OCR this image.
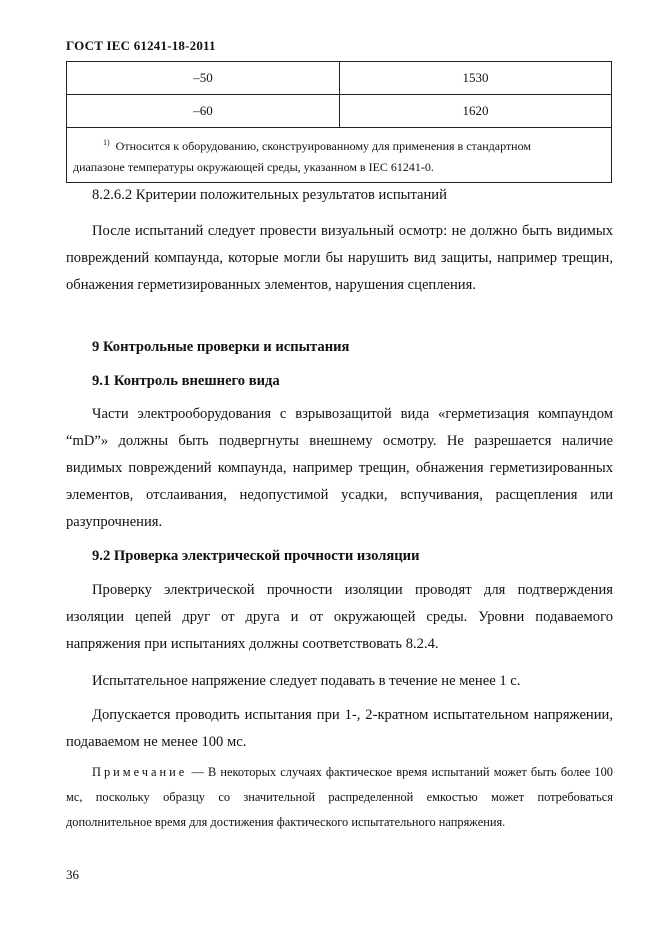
ГОСТ IEC 61241-18-2011
–50	1530
–60	1620
$^{1)}$ Относится к оборудованию, сконструированному для применения в стандартном
диапазоне температуры окружающей среды, указанном в IEC 61241-0.	
8.2.6.2 Критерии положительных результатов испытаний
После испытаний следует провести визуальный осмотр: не должно быть видимых повреждений компаунда, которые могли бы нарушить вид защиты, например трещин, обнажения герметизированных элементов, нарушения сцепления.
9 Контрольные проверки и испытания
9.1 Контроль внешнего вида
Части электрооборудования с взрывозащитой вида «герметизация компаундом “mD”» должны быть подвергнуты внешнему осмотру. Не разрешается наличие видимых повреждений компаунда, например трещин, обнажения герметизированных элементов, отслаивания, недопустимой усадки, вспучивания, расщепления или разупрочнения.
9.2 Проверка электрической прочности изоляции
Проверку электрической прочности изоляции проводят для подтверждения изоляции цепей друг от друга и от окружающей среды. Уровни подаваемого напряжения при испытаниях должны соответствовать 8.2.4.
Испытательное напряжение следует подавать в течение не менее 1 с.
Допускается проводить испытания при 1-, 2-кратном испытательном напряжении, подаваемом не менее 100 мс.
Примечание — В некоторых случаях фактическое время испытаний может быть более 100 мс, поскольку образцу со значительной распределенной емкостью может потребоваться дополнительное время для достижения фактического испытательного напряжения.
36
